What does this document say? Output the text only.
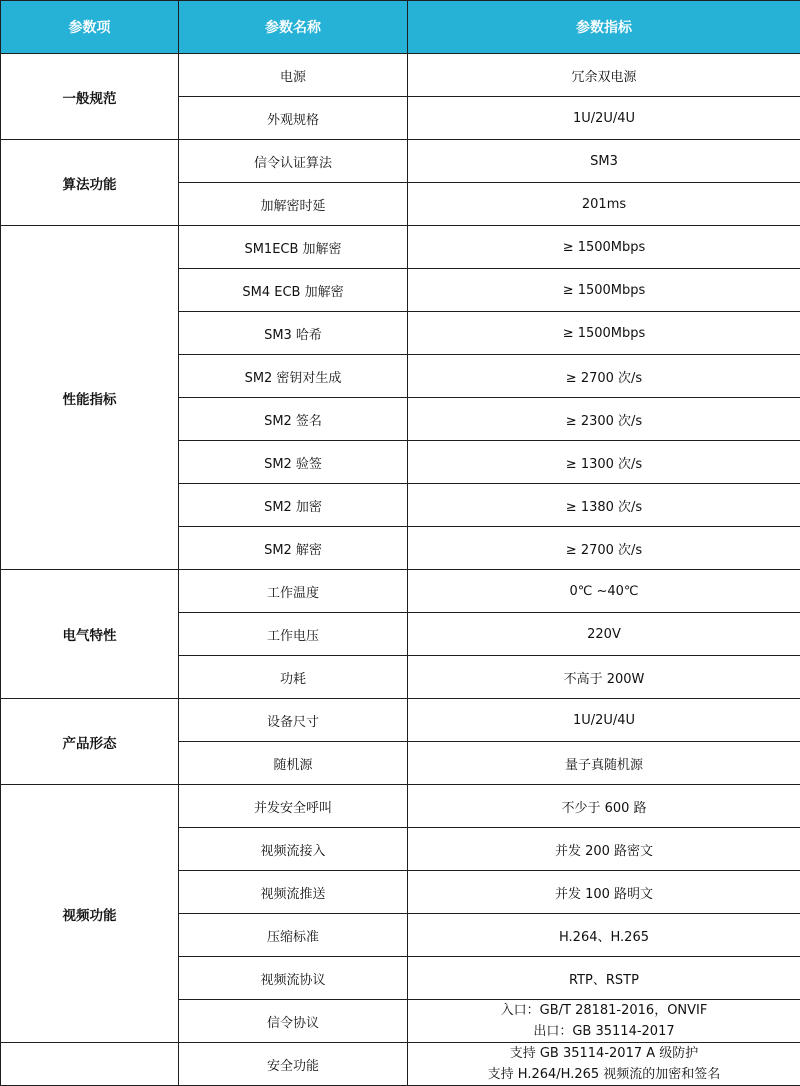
参数项	参数名称	参数指标
一般规范	电源	冗余双电源
	外观规格	1U/2U/4U
算法功能	信令认证算法	SM3
	加解密时延	201ms
性能指标	SM1ECB 加解密	≥ 1500Mbps
	SM4 ECB 加解密	≥ 1500Mbps
	SM3 哈希	≥ 1500Mbps
	SM2 密钥对生成	≥ 2700 次/s
	SM2 签名	≥ 2300 次/s
	SM2 验签	≥ 1300 次/s
	SM2 加密	≥ 1380 次/s
	SM2 解密	≥ 2700 次/s
电气特性	工作温度	0℃ ~40℃
	工作电压	220V
	功耗	不高于 200W
产品形态	设备尺寸	1U/2U/4U
	随机源	量子真随机源
视频功能	并发安全呼叫	不少于 600 路
	视频流接入	并发 200 路密文
	视频流推送	并发 100 路明文
	压缩标准	H.264、H.265
	视频流协议	RTP、RSTP
	信令协议	入口：GB/T 28181-2016，ONVIF
出口：GB 35114-2017

	安全功能	支持 GB 35114-2017 A 级防护
支持 H.264/H.265 视频流的加密和签名
